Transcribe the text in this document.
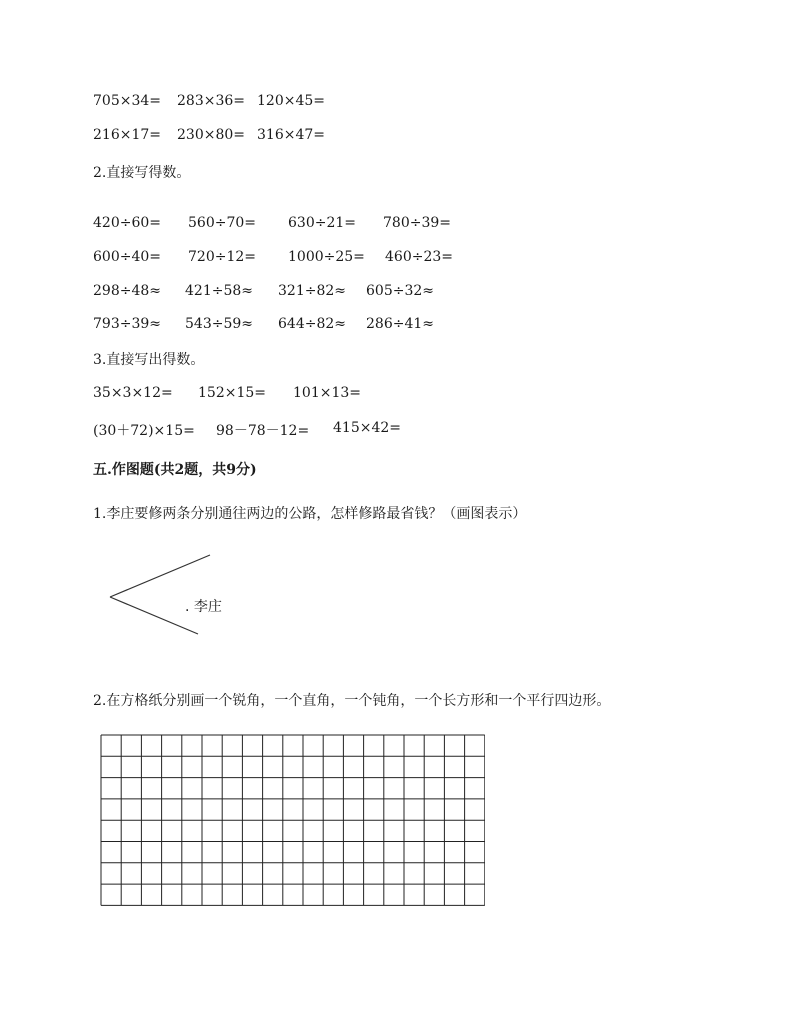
705×34= 283×36= 120×45=
216×17= 230×80= 316×47=
2.直接写得数。
420÷60= 560÷70= 630÷21= 780÷39=
600÷40= 720÷12= 1000÷25= 460÷23=
298÷48≈ 421÷58≈ 321÷82≈ 605÷32≈
793÷39≈ 543÷59≈ 644÷82≈ 286÷41≈
3.直接写出得数。
35×3×12= 152×15= 101×13=
(30＋72)×15= 98－78－12= 415×42=
五.作图题(共2题，共9分)
1.李庄要修两条分别通往两边的公路，怎样修路最省钱？（画图表示）
. 李庄
2.在方格纸分别画一个锐角，一个直角，一个钝角，一个长方形和一个平行四边形。
